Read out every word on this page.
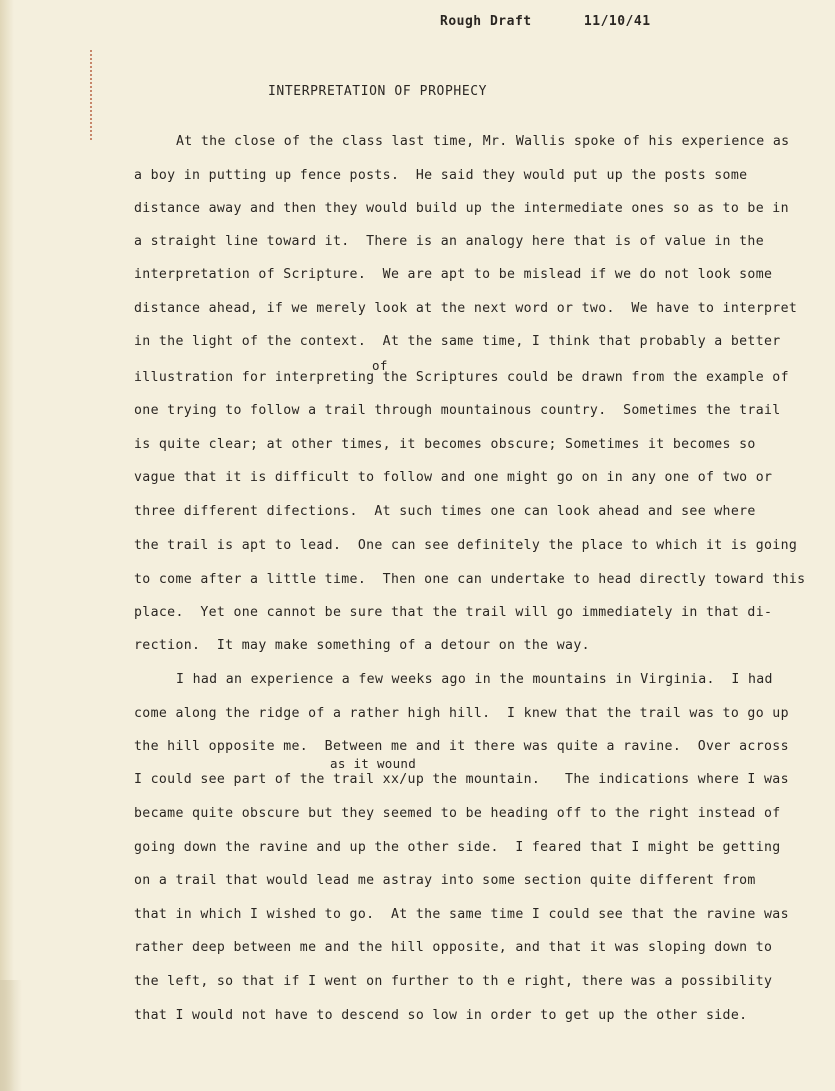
Rough Draft	11/10/41
INTERPRETATION OF PROPHECY
At the close of the class last time, Mr. Wallis spoke of his experience as
a boy in putting up fence posts.  He said they would put up the posts some
distance away and then they would build up the intermediate ones so as to be in
a straight line toward it.  There is an analogy here that is of value in the
interpretation of Scripture.  We are apt to be mislead if we do not look some
distance ahead, if we merely look at the next word or two.  We have to interpret
in the light of the context.  At the same time, I think that probably a better
of
illustration for interpreting the Scriptures could be drawn from the example of
one trying to follow a trail through mountainous country.  Sometimes the trail
is quite clear; at other times, it becomes obscure; Sometimes it becomes so
vague that it is difficult to follow and one might go on in any one of two or
three different difections.  At such times one can look ahead and see where
the trail is apt to lead.  One can see definitely the place to which it is going
to come after a little time.  Then one can undertake to head directly toward this
place.  Yet one cannot be sure that the trail will go immediately in that di-
rection.  It may make something of a detour on the way.
I had an experience a few weeks ago in the mountains in Virginia.  I had
come along the ridge of a rather high hill.  I knew that the trail was to go up
the hill opposite me.  Between me and it there was quite a ravine.  Over across
as it wound
I could see part of the trail xx/up the mountain.   The indications where I was
became quite obscure but they seemed to be heading off to the right instead of
going down the ravine and up the other side.  I feared that I might be getting
on a trail that would lead me astray into some section quite different from
that in which I wished to go.  At the same time I could see that the ravine was
rather deep between me and the hill opposite, and that it was sloping down to
the left, so that if I went on further to th e right, there was a possibility
that I would not have to descend so low in order to get up the other side.
